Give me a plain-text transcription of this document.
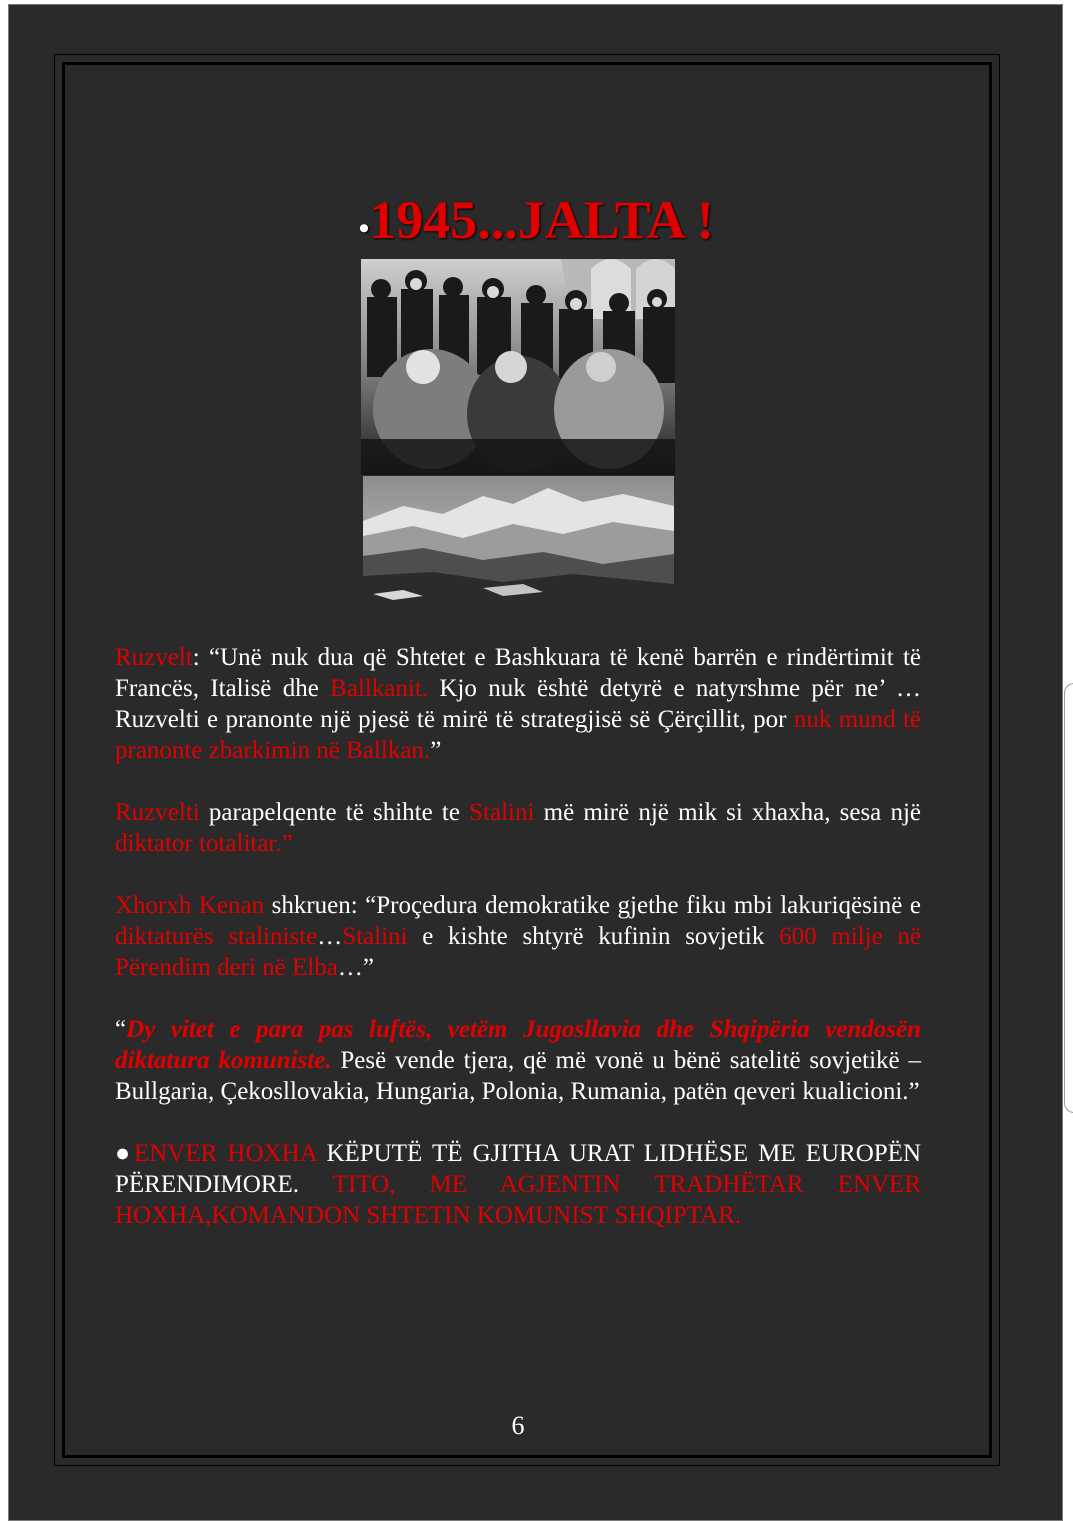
•1945...JALTA !

Ruzvelt: “Unë nuk dua që Shtetet e Bashkuara të kenë barrën e rindërtimit të Francës, Italisë dhe Ballkanit. Kjo nuk është detyrë e natyrshme për ne’ … Ruzvelti e pranonte një pjesë të mirë të strategjisë së Çërçillit, por nuk mund të pranonte zbarkimin në Ballkan.”

Ruzvelti parapelqente të shihte te Stalini më mirë një mik si xhaxha, sesa një diktator totalitar.”

Xhorxh Kenan shkruen: “Proçedura demokratike gjethe fiku mbi lakuriqësinë e diktaturës staliniste…Stalini e kishte shtyrë kufinin sovjetik 600 milje në Përendim deri në Elba…”

“Dy vitet e para pas luftës, vetëm Jugosllavia dhe Shqipëria vendosën diktatura komuniste. Pesë vende tjera, që më vonë u bënë satelitë sovjetikë – Bullgaria, Çekosllovakia, Hungaria, Polonia, Rumania, patën qeveri kualicioni.”

●ENVER HOXHA KËPUTË TË GJITHA URAT LIDHËSE ME EUROPËN PËRENDIMORE. TITO, ME AGJENTIN TRADHËTAR ENVER HOXHA,KOMANDON SHTETIN KOMUNIST SHQIPTAR.

6
